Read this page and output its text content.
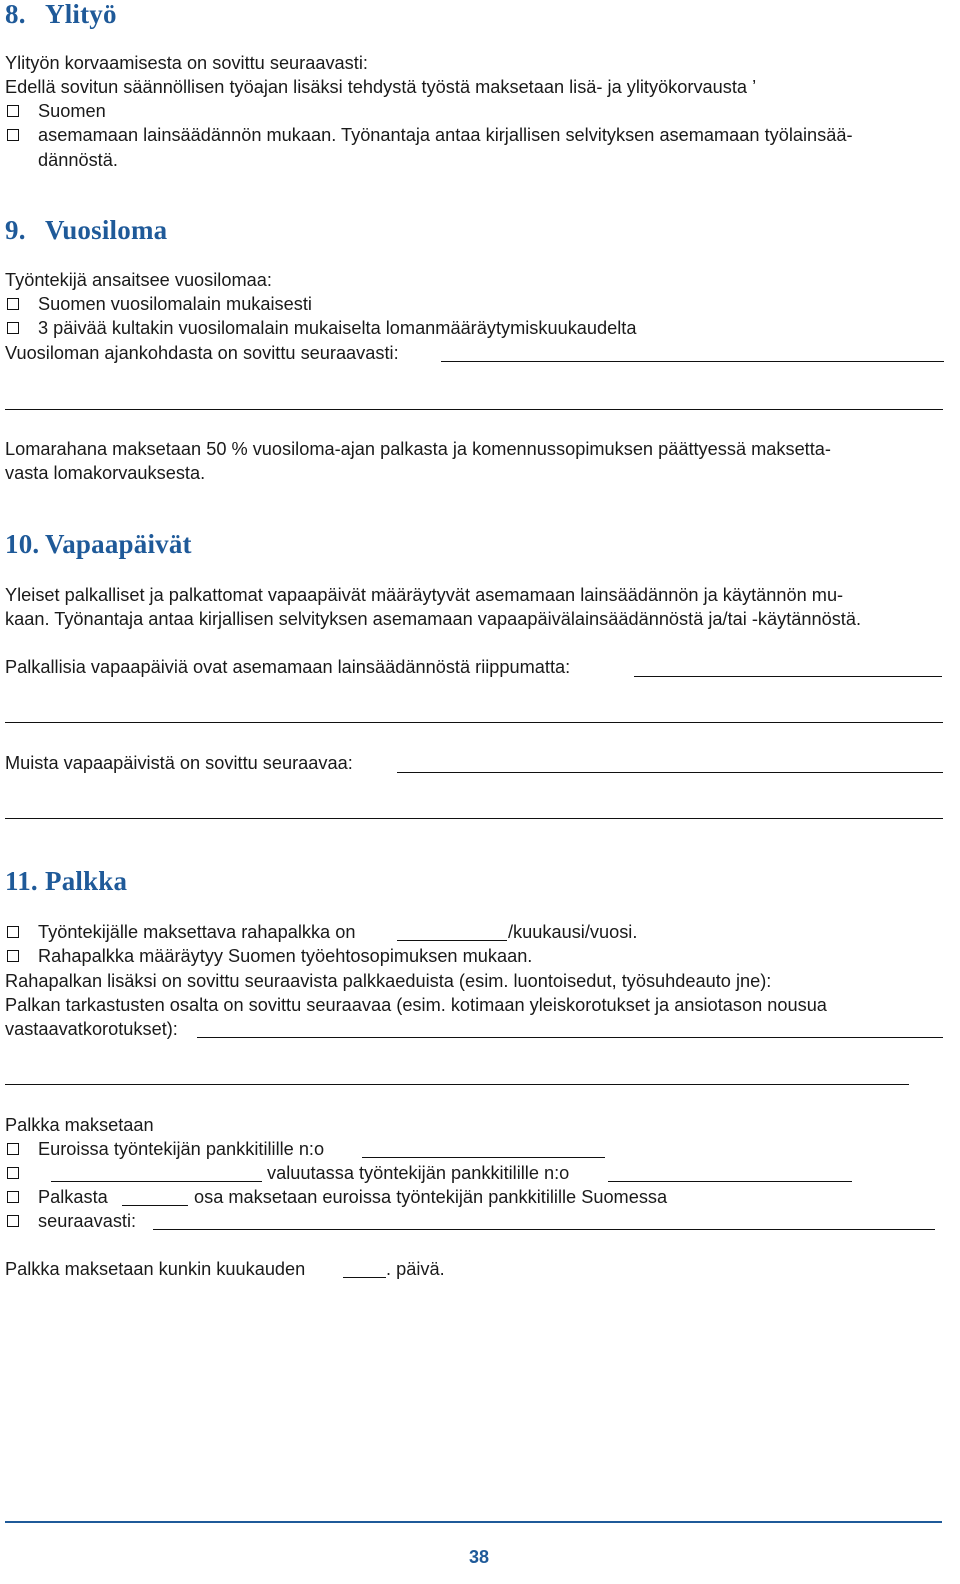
8. Ylityö
Ylityön korvaamisesta on sovittu seuraavasti:
Edellä sovitun säännöllisen työajan lisäksi tehdystä työstä maksetaan lisä- ja ylityökorvausta ’
Suomen
asemamaan lainsäädännön mukaan. Työnantaja antaa kirjallisen selvityksen asemamaan työlainsää-
dännöstä.
9. Vuosiloma
Työntekijä ansaitsee vuosilomaa:
Suomen vuosilomalain mukaisesti
3 päivää kultakin vuosilomalain mukaiselta lomanmääräytymiskuukaudelta
Vuosiloman ajankohdasta on sovittu seuraavasti:
Lomarahana maksetaan 50 % vuosiloma-ajan palkasta ja komennussopimuksen päättyessä maksetta-
vasta lomakorvauksesta.
10. Vapaapäivät
Yleiset palkalliset ja palkattomat vapaapäivät määräytyvät asemamaan lainsäädännön ja käytännön mu-
kaan. Työnantaja antaa kirjallisen selvityksen asemamaan vapaapäivälainsäädännöstä ja/tai -käytännöstä.
Palkallisia vapaapäiviä ovat asemamaan lainsäädännöstä riippumatta:
Muista vapaapäivistä on sovittu seuraavaa:
11. Palkka
Työntekijälle maksettava rahapalkka on	/kuukausi/vuosi.
Rahapalkka määräytyy Suomen työehtosopimuksen mukaan.
Rahapalkan lisäksi on sovittu seuraavista palkkaeduista (esim. luontoisedut, työsuhdeauto jne):
Palkan tarkastusten osalta on sovittu seuraavaa (esim. kotimaan yleiskorotukset ja ansiotason nousua
vastaavatkorotukset):
Palkka maksetaan
Euroissa työntekijän pankkitilille n:o
valuutassa työntekijän pankkitilille n:o
Palkasta	osa maksetaan euroissa työntekijän pankkitilille Suomessa
seuraavasti:
Palkka maksetaan kunkin kuukauden	. päivä.
38
